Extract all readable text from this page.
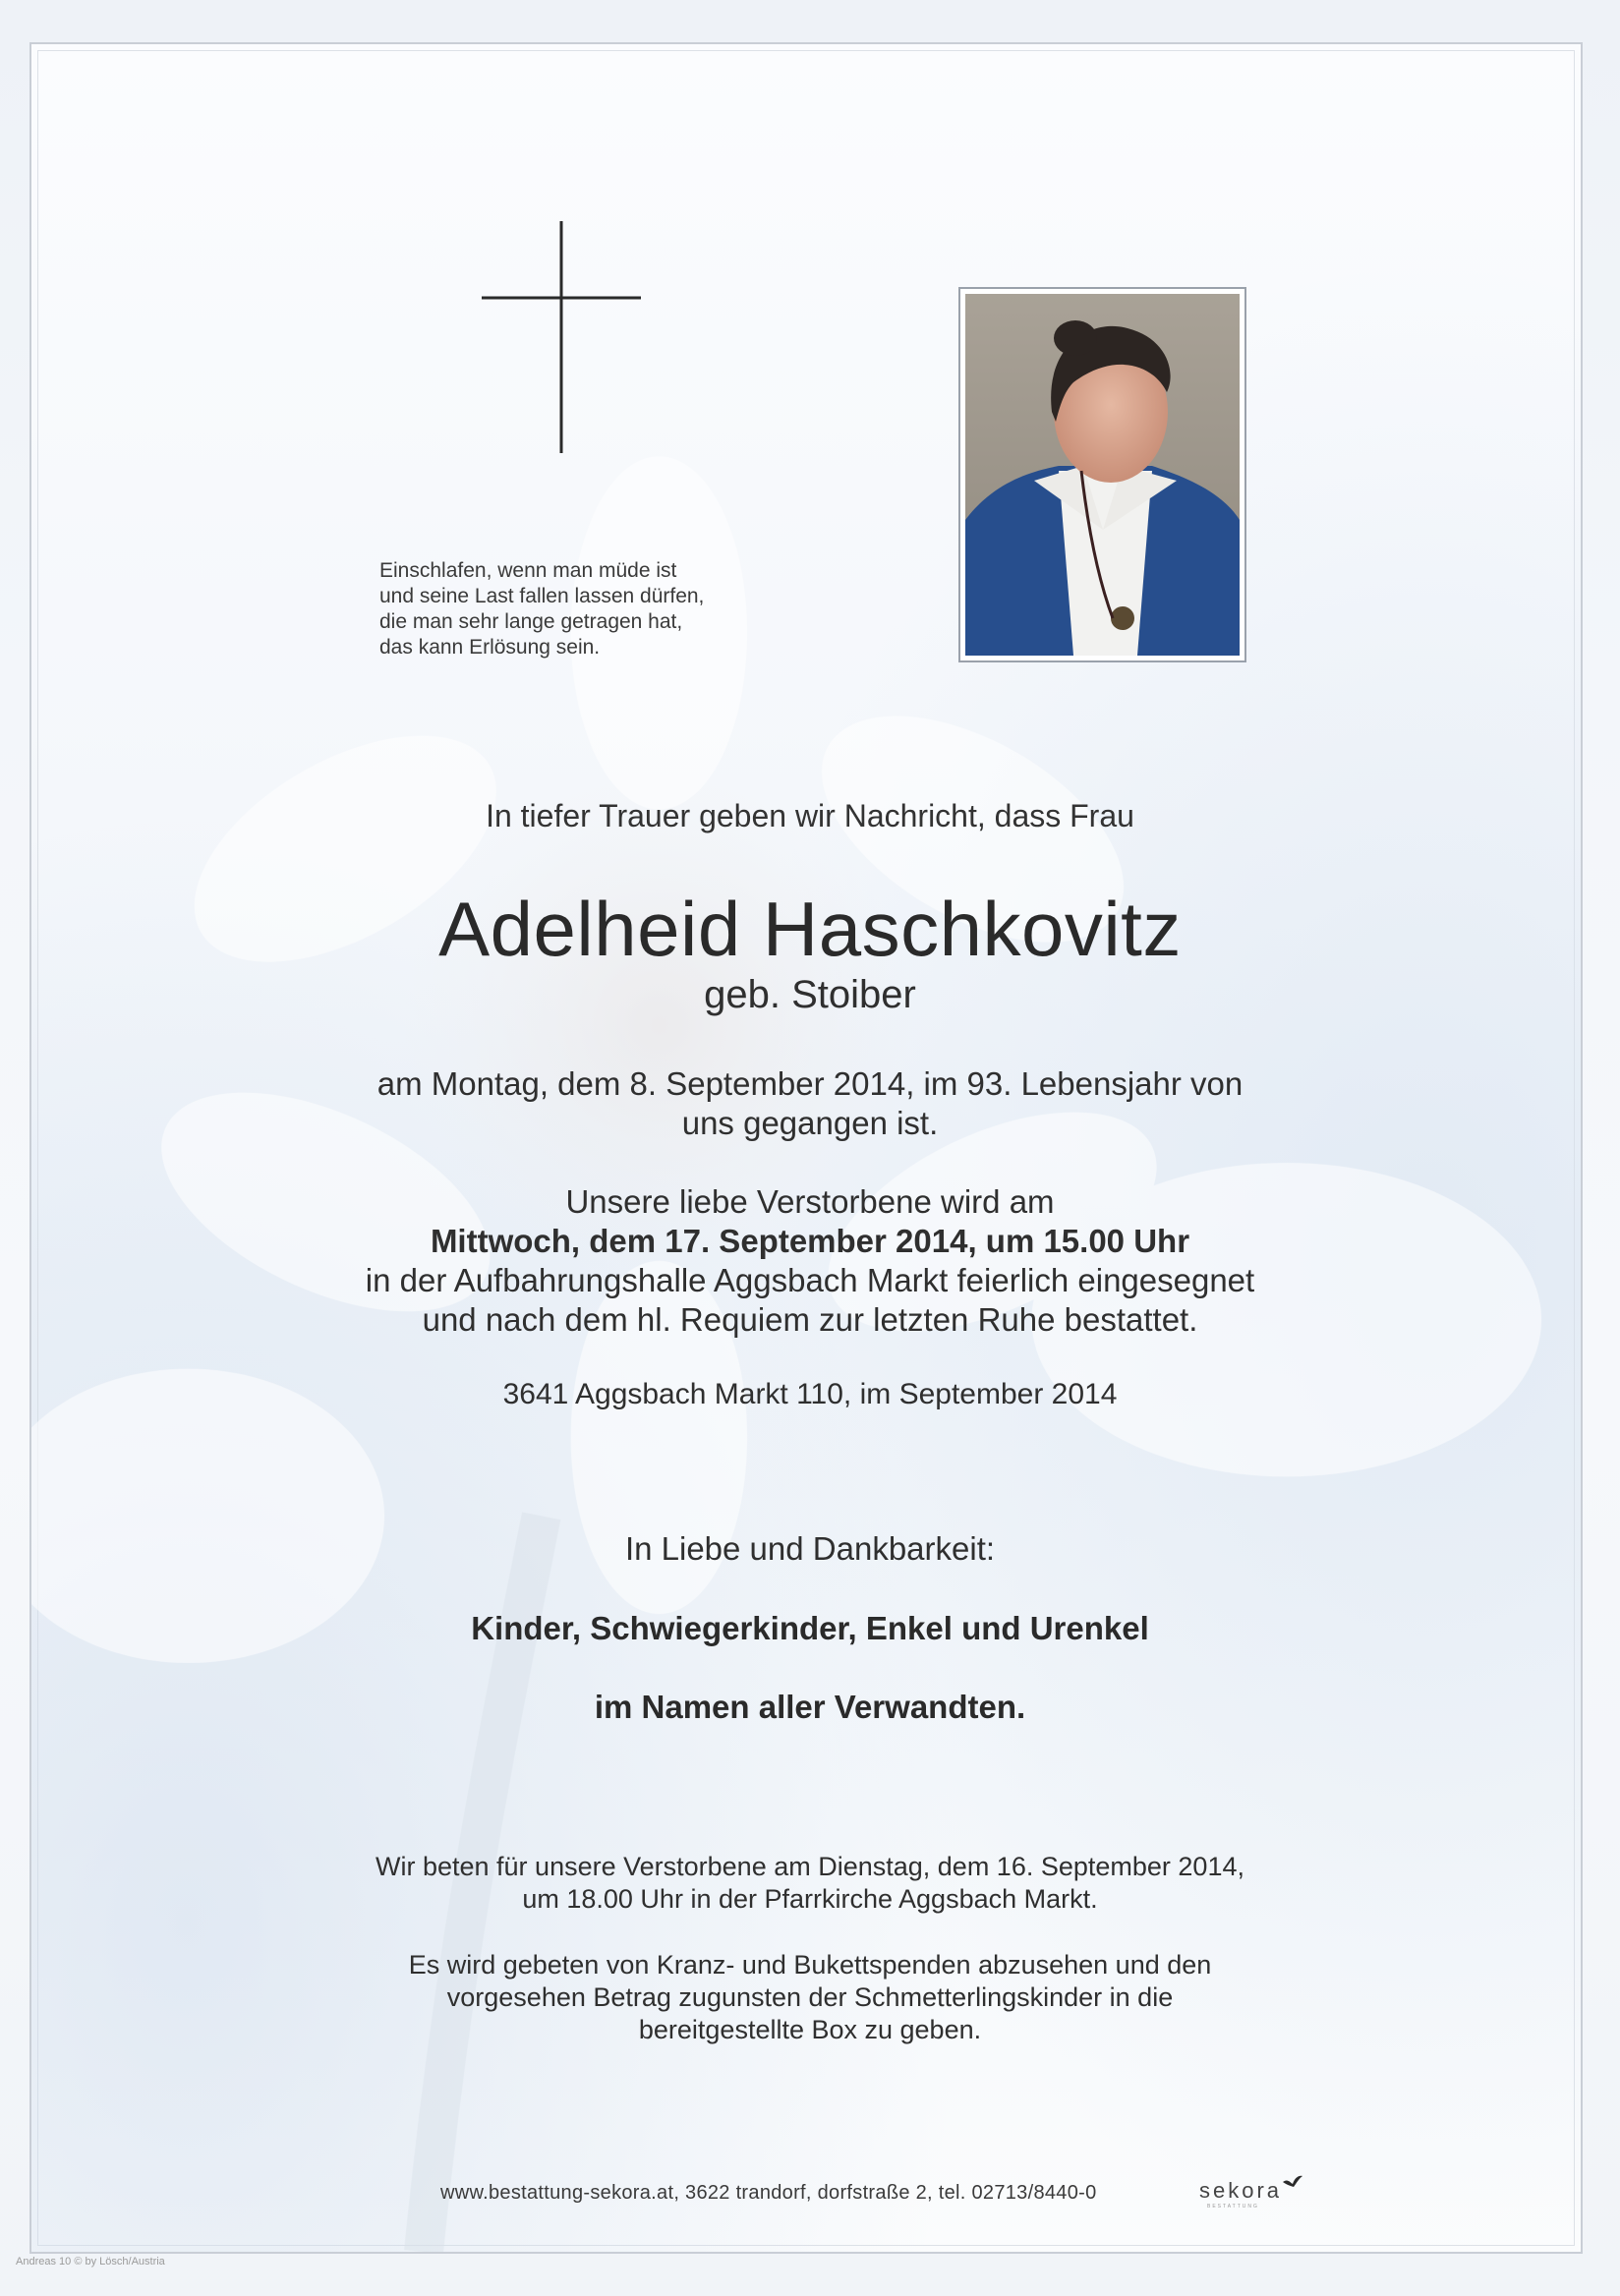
Einschlafen, wenn man müde ist
und seine Last fallen lassen dürfen,
die man sehr lange getragen hat,
das kann Erlösung sein.
In tiefer Trauer geben wir Nachricht, dass Frau
Adelheid Haschkovitz
geb. Stoiber
am Montag, dem 8. September 2014, im 93. Lebensjahr von
uns gegangen ist.
Unsere liebe Verstorbene wird am
Mittwoch, dem 17. September 2014, um 15.00 Uhr
in der Aufbahrungshalle Aggsbach Markt feierlich eingesegnet
und nach dem hl. Requiem zur letzten Ruhe bestattet.
3641 Aggsbach Markt 110, im September 2014
In Liebe und Dankbarkeit:
Kinder, Schwiegerkinder, Enkel und Urenkel
im Namen aller Verwandten.
Wir beten für unsere Verstorbene am Dienstag, dem 16. September 2014,
um 18.00 Uhr in der Pfarrkirche Aggsbach Markt.
Es wird gebeten von Kranz- und Bukettspenden abzusehen und den
vorgesehen Betrag zugunsten der Schmetterlingskinder in die
bereitgestellte Box zu geben.
www.bestattung-sekora.at, 3622 trandorf, dorfstraße 2, tel. 02713/8440-0	sekora
BESTATTUNG
Andreas 10 © by Lösch/Austria
